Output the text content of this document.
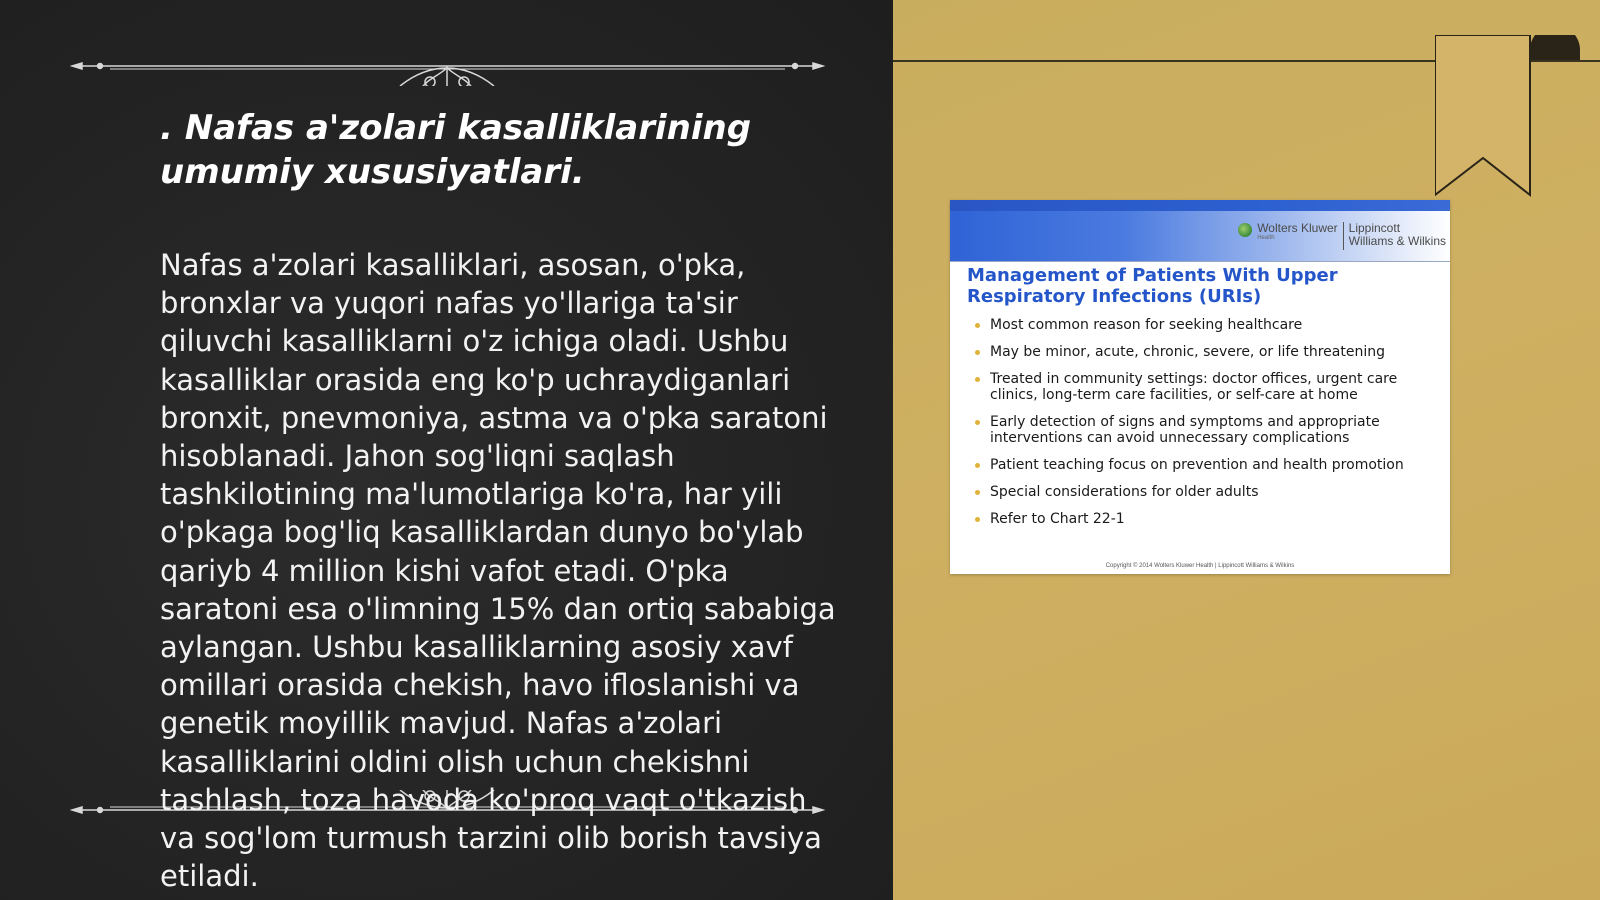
. Nafas a'zolari kasalliklarining umumiy xususiyatlari.

Nafas a'zolari kasalliklari, asosan, o'pka, bronxlar va yuqori nafas yo'llariga ta'sir qiluvchi kasalliklarni o'z ichiga oladi. Ushbu kasalliklar orasida eng ko'p uchraydiganlari bronxit, pnevmoniya, astma va o'pka saratoni hisoblanadi. Jahon sog'liqni saqlash tashkilotining ma'lumotlariga ko'ra, har yili o'pkaga bog'liq kasalliklardan dunyo bo'ylab qariyb 4 million kishi vafot etadi. O'pka saratoni esa o'limning 15% dan ortiq sababiga aylangan. Ushbu kasalliklarning asosiy xavf omillari orasida chekish, havo ifloslanishi va genetik moyillik mavjud. Nafas a'zolari kasalliklarini oldini olish uchun chekishni tashlash, toza havoda ko'proq vaqt o'tkazish va sog'lom turmush tarzini olib borish tavsiya etiladi.

Wolters Kluwer
Health
Lippincott
Williams & Wilkins
Management of Patients With Upper Respiratory Infections (URIs)
Most common reason for seeking healthcare
May be minor, acute, chronic, severe, or life threatening
Treated in community settings: doctor offices, urgent care clinics, long-term care facilities, or self-care at home
Early detection of signs and symptoms and appropriate interventions can avoid unnecessary complications
Patient teaching focus on prevention and health promotion
Special considerations for older adults
Refer to Chart 22-1

Copyright © 2014 Wolters Kluwer Health | Lippincott Williams & Wilkins
